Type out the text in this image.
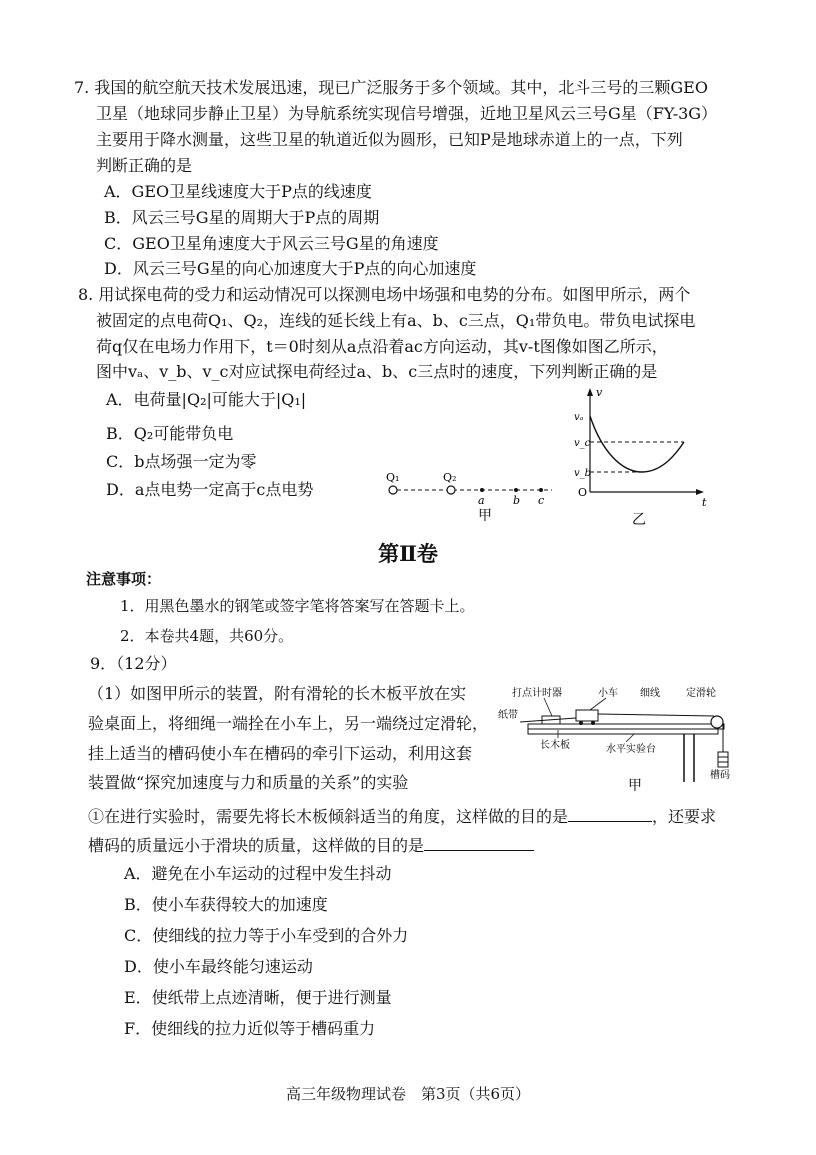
7. 我国的航空航天技术发展迅速，现已广泛服务于多个领域。其中，北斗三号的三颗GEO
卫星（地球同步静止卫星）为导航系统实现信号增强，近地卫星风云三号G星（FY-3G）
主要用于降水测量，这些卫星的轨道近似为圆形，已知P是地球赤道上的一点，下列
判断正确的是
A．GEO卫星线速度大于P点的线速度
B．风云三号G星的周期大于P点的周期
C．GEO卫星角速度大于风云三号G星的角速度
D．风云三号G星的向心加速度大于P点的向心加速度
8. 用试探电荷的受力和运动情况可以探测电场中场强和电势的分布。如图甲所示，两个
被固定的点电荷Q₁、Q₂，连线的延长线上有a、b、c三点，Q₁带负电。带负电试探电
荷q仅在电场力作用下，t＝0时刻从a点沿着ac方向运动，其v-t图像如图乙所示，
图中vₐ、v_b、v_c对应试探电荷经过a、b、c三点时的速度，下列判断正确的是
A．电荷量|Q₂|可能大于|Q₁|
B．Q₂可能带负电
C．b点场强一定为零
D．a点电势一定高于c点电势
Q₁	Q₂
a	b c
甲
v
t
O
vₐ
v_c
v_b
乙
第Ⅱ卷
注意事项：
1．用黑色墨水的钢笔或签字笔将答案写在答题卡上。
2．本卷共4题，共60分。
9．（12分）
（1）如图甲所示的装置，附有滑轮的长木板平放在实
验桌面上，将细绳一端拴在小车上，另一端绕过定滑轮，
挂上适当的槽码使小车在槽码的牵引下运动，利用这套
装置做“探究加速度与力和质量的关系”的实验
打点计时器	小车 细线	定滑轮
纸带
长木板	水平实验台
槽码
甲
①在进行实验时，需要先将长木板倾斜适当的角度，这样做的目的是	，还要求
槽码的质量远小于滑块的质量，这样做的目的是
A．避免在小车运动的过程中发生抖动
B．使小车获得较大的加速度
C．使细线的拉力等于小车受到的合外力
D．使小车最终能匀速运动
E．使纸带上点迹清晰，便于进行测量
F．使细线的拉力近似等于槽码重力
高三年级物理试卷　第3页（共6页）
